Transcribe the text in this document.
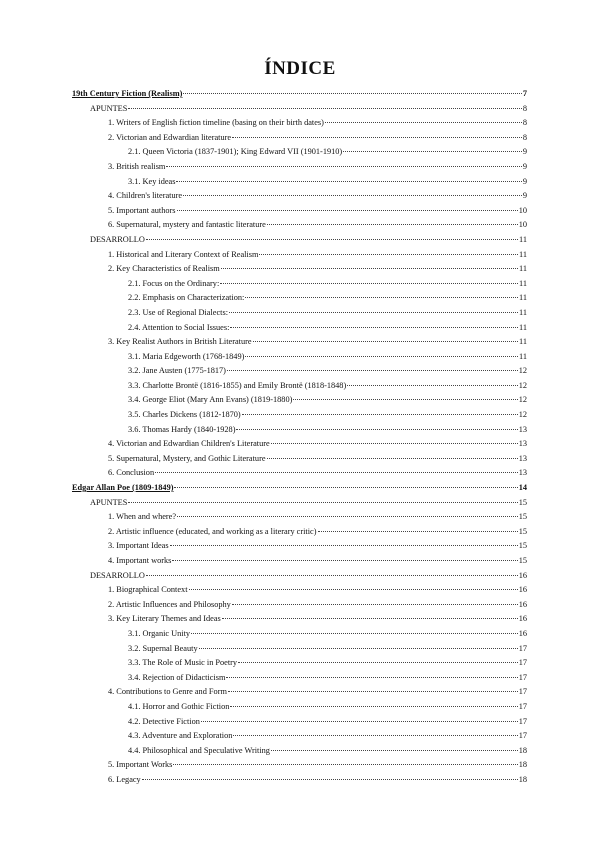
ÍNDICE
19th Century Fiction (Realism)	7
APUNTES	8
1. Writers of English fiction timeline (basing on their birth dates)	8
2. Victorian and Edwardian literature	8
2.1. Queen Victoria (1837-1901); King Edward VII (1901-1910)	9
3. British realism	9
3.1. Key ideas	9
4. Children's literature	9
5. Important authors	10
6. Supernatural, mystery and fantastic literature	10
DESARROLLO	11
1. Historical and Literary Context of Realism	11
2. Key Characteristics of Realism	11
2.1. Focus on the Ordinary:	11
2.2. Emphasis on Characterization:	11
2.3. Use of Regional Dialects:	11
2.4. Attention to Social Issues:	11
3. Key Realist Authors in British Literature	11
3.1. Maria Edgeworth (1768-1849)	11
3.2. Jane Austen (1775-1817)	12
3.3. Charlotte Brontë (1816-1855) and Emily Brontë (1818-1848)	12
3.4. George Eliot (Mary Ann Evans) (1819-1880)	12
3.5. Charles Dickens (1812-1870)	12
3.6. Thomas Hardy (1840-1928)	13
4. Victorian and Edwardian Children's Literature	13
5. Supernatural, Mystery, and Gothic Literature	13
6. Conclusion	13
Edgar Allan Poe (1809-1849)	14
APUNTES	15
1. When and where?	15
2. Artistic influence (educated, and working as a literary critic)	15
3. Important Ideas	15
4. Important works	15
DESARROLLO	16
1. Biographical Context	16
2. Artistic Influences and Philosophy	16
3. Key Literary Themes and Ideas	16
3.1. Organic Unity	16
3.2. Supernal Beauty	17
3.3. The Role of Music in Poetry	17
3.4. Rejection of Didacticism	17
4. Contributions to Genre and Form	17
4.1. Horror and Gothic Fiction	17
4.2. Detective Fiction	17
4.3. Adventure and Exploration	17
4.4. Philosophical and Speculative Writing	18
5. Important Works	18
6. Legacy	18
